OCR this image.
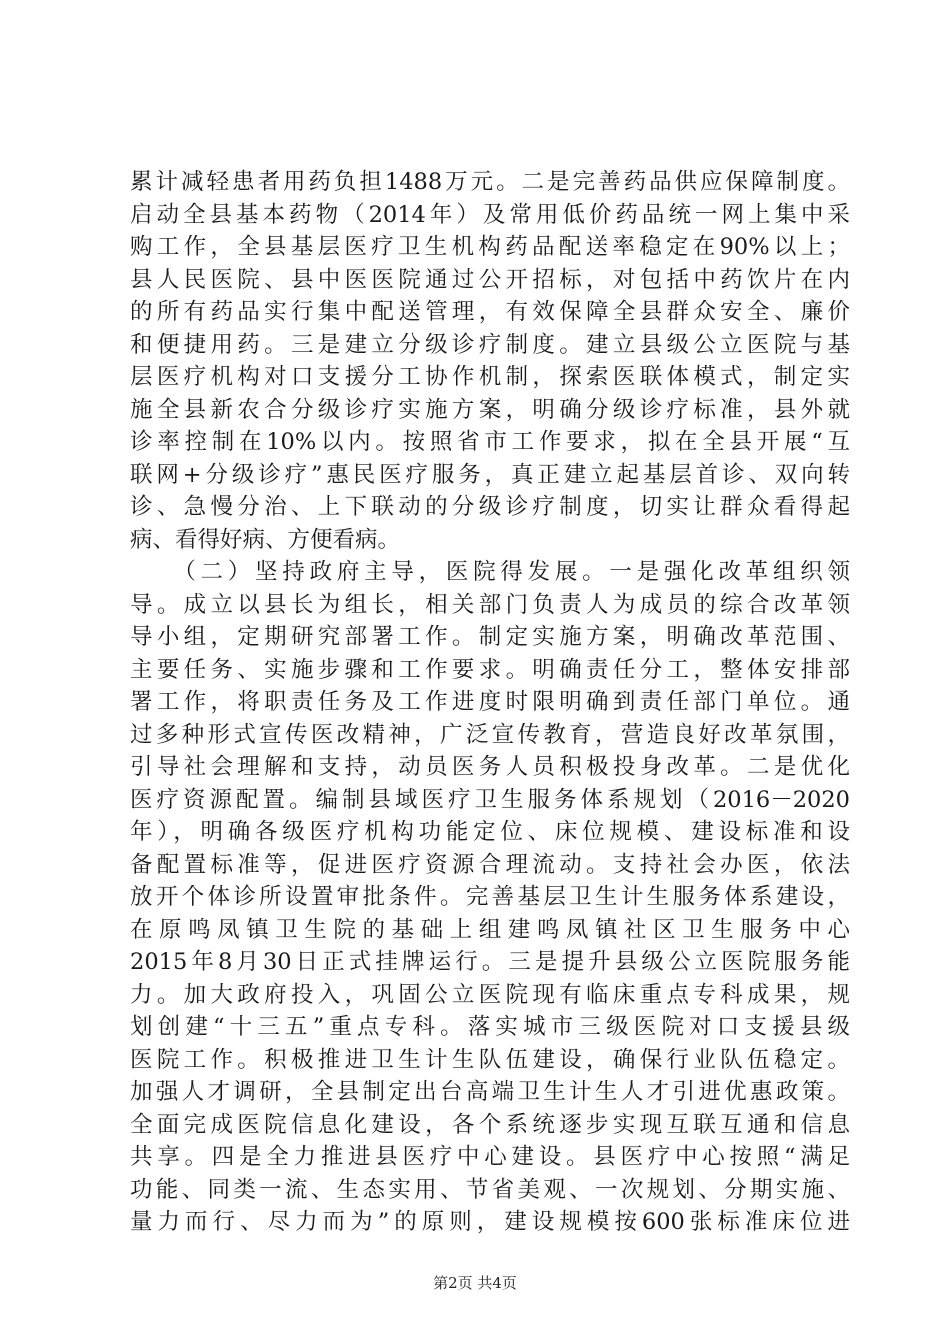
累计减轻患者用药负担1488万元。二是完善药品供应保障制度。
启动全县基本药物（2014年）及常用低价药品统一网上集中采
购工作，全县基层医疗卫生机构药品配送率稳定在90%以上；
县人民医院、县中医医院通过公开招标，对包括中药饮片在内
的所有药品实行集中配送管理，有效保障全县群众安全、廉价
和便捷用药。三是建立分级诊疗制度。建立县级公立医院与基
层医疗机构对口支援分工协作机制，探索医联体模式，制定实
施全县新农合分级诊疗实施方案，明确分级诊疗标准，县外就
诊率控制在10%以内。按照省市工作要求，拟在全县开展“互
联网+分级诊疗”惠民医疗服务，真正建立起基层首诊、双向转
诊、急慢分治、上下联动的分级诊疗制度，切实让群众看得起
病、看得好病、方便看病。
　　（二）坚持政府主导，医院得发展。一是强化改革组织领
导。成立以县长为组长，相关部门负责人为成员的综合改革领
导小组，定期研究部署工作。制定实施方案，明确改革范围、
主要任务、实施步骤和工作要求。明确责任分工，整体安排部
署工作，将职责任务及工作进度时限明确到责任部门单位。通
过多种形式宣传医改精神，广泛宣传教育，营造良好改革氛围，
引导社会理解和支持，动员医务人员积极投身改革。二是优化
医疗资源配置。编制县域医疗卫生服务体系规划（2016－2020
年），明确各级医疗机构功能定位、床位规模、建设标准和设
备配置标准等，促进医疗资源合理流动。支持社会办医，依法
放开个体诊所设置审批条件。完善基层卫生计生服务体系建设，
在原鸣凤镇卫生院的基础上组建鸣凤镇社区卫生服务中心
2015年8月30日正式挂牌运行。三是提升县级公立医院服务能
力。加大政府投入，巩固公立医院现有临床重点专科成果，规
划创建“十三五”重点专科。落实城市三级医院对口支援县级
医院工作。积极推进卫生计生队伍建设，确保行业队伍稳定。
加强人才调研，全县制定出台高端卫生计生人才引进优惠政策。
全面完成医院信息化建设，各个系统逐步实现互联互通和信息
共享。四是全力推进县医疗中心建设。县医疗中心按照“满足
功能、同类一流、生态实用、节省美观、一次规划、分期实施、
量力而行、尽力而为”的原则，建设规模按600张标准床位进
第2页 共4页
